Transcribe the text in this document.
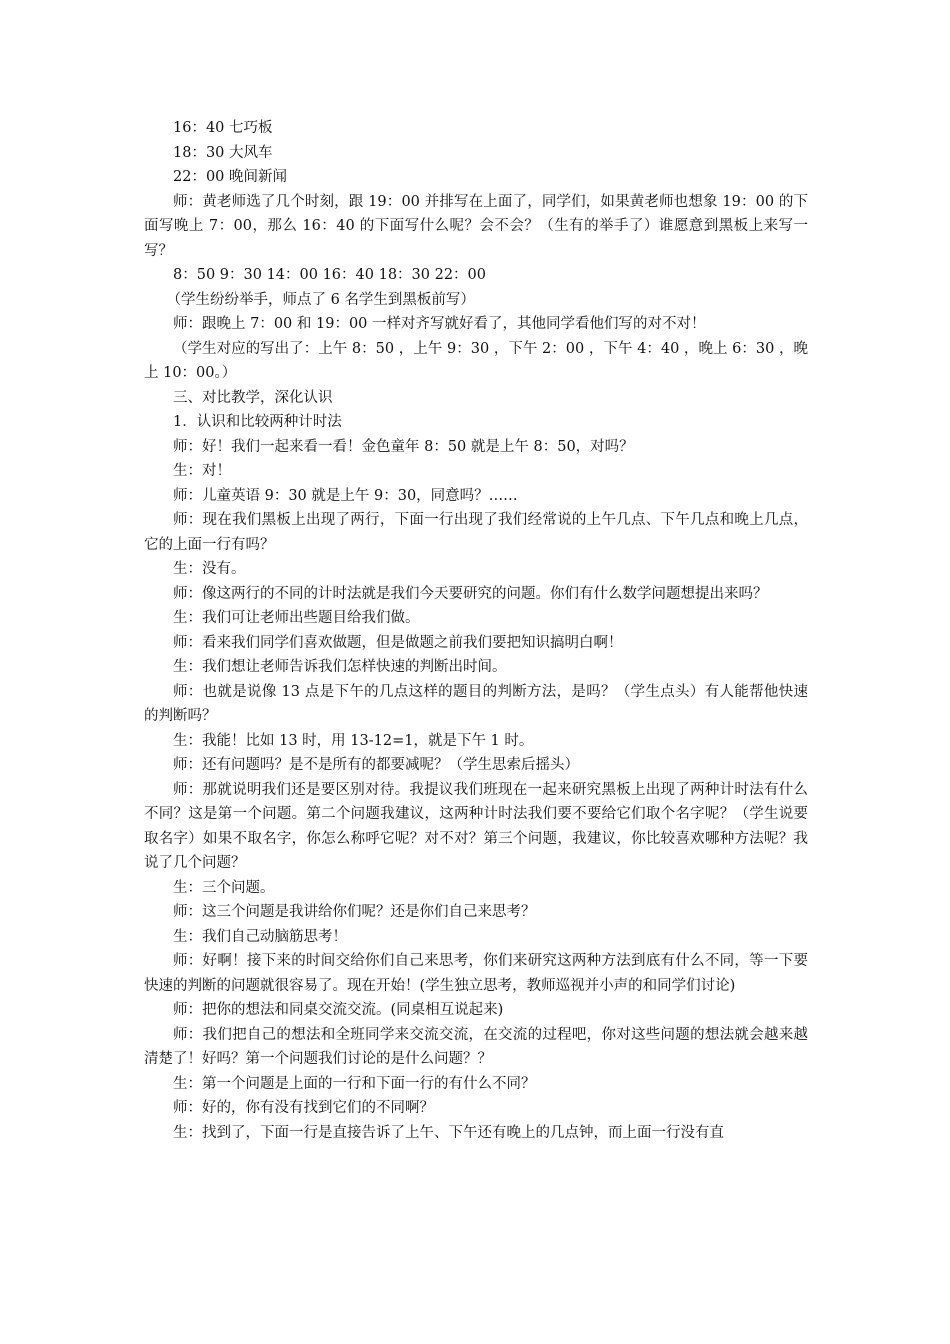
16：40 七巧板

18：30 大风车

22：00 晚间新闻

师：黄老师选了几个时刻，跟 19：00 并排写在上面了，同学们，如果黄老师也想象 19：00 的下面写晚上 7：00，那么 16：40 的下面写什么呢？会不会？（生有的举手了）谁愿意到黑板上来写一写？

8：50 9：30 14：00 16：40 18：30 22：00

（学生纷纷举手，师点了 6 名学生到黑板前写）

师：跟晚上 7：00 和 19：00 一样对齐写就好看了，其他同学看他们写的对不对！

（学生对应的写出了：上午 8：50 ，上午 9：30 ，下午 2：00 ，下午 4：40 ，晚上 6：30 ，晚上 10：00。）

三、对比教学，深化认识

1．认识和比较两种计时法

师：好！我们一起来看一看！金色童年 8：50 就是上午 8：50，对吗？

生：对！

师：儿童英语 9：30 就是上午 9：30，同意吗？……

师：现在我们黑板上出现了两行，下面一行出现了我们经常说的上午几点、下午几点和晚上几点，它的上面一行有吗？

生：没有。

师：像这两行的不同的计时法就是我们今天要研究的问题。你们有什么数学问题想提出来吗？

生：我们可让老师出些题目给我们做。

师：看来我们同学们喜欢做题，但是做题之前我们要把知识搞明白啊！

生：我们想让老师告诉我们怎样快速的判断出时间。

师：也就是说像 13 点是下午的几点这样的题目的判断方法，是吗？（学生点头）有人能帮他快速的判断吗？

生：我能！比如 13 时，用 13-12=1，就是下午 1 时。

师：还有问题吗？是不是所有的都要减呢？（学生思索后摇头）

师：那就说明我们还是要区别对待。我提议我们班现在一起来研究黑板上出现了两种计时法有什么不同？这是第一个问题。第二个问题我建议，这两种计时法我们要不要给它们取个名字呢？（学生说要取名字）如果不取名字，你怎么称呼它呢？对不对？第三个问题，我建议，你比较喜欢哪种方法呢？我说了几个问题？

生：三个问题。

师：这三个问题是我讲给你们呢？还是你们自己来思考？

生：我们自己动脑筋思考！

师：好啊！接下来的时间交给你们自己来思考，你们来研究这两种方法到底有什么不同，等一下要快速的判断的问题就很容易了。现在开始！(学生独立思考，教师巡视并小声的和同学们讨论)

师：把你的想法和同桌交流交流。(同桌相互说起来)

师：我们把自己的想法和全班同学来交流交流，在交流的过程吧，你对这些问题的想法就会越来越清楚了！好吗？第一个问题我们讨论的是什么问题？？

生：第一个问题是上面的一行和下面一行的有什么不同？

师：好的，你有没有找到它们的不同啊？

生：找到了，下面一行是直接告诉了上午、下午还有晚上的几点钟，而上面一行没有直
